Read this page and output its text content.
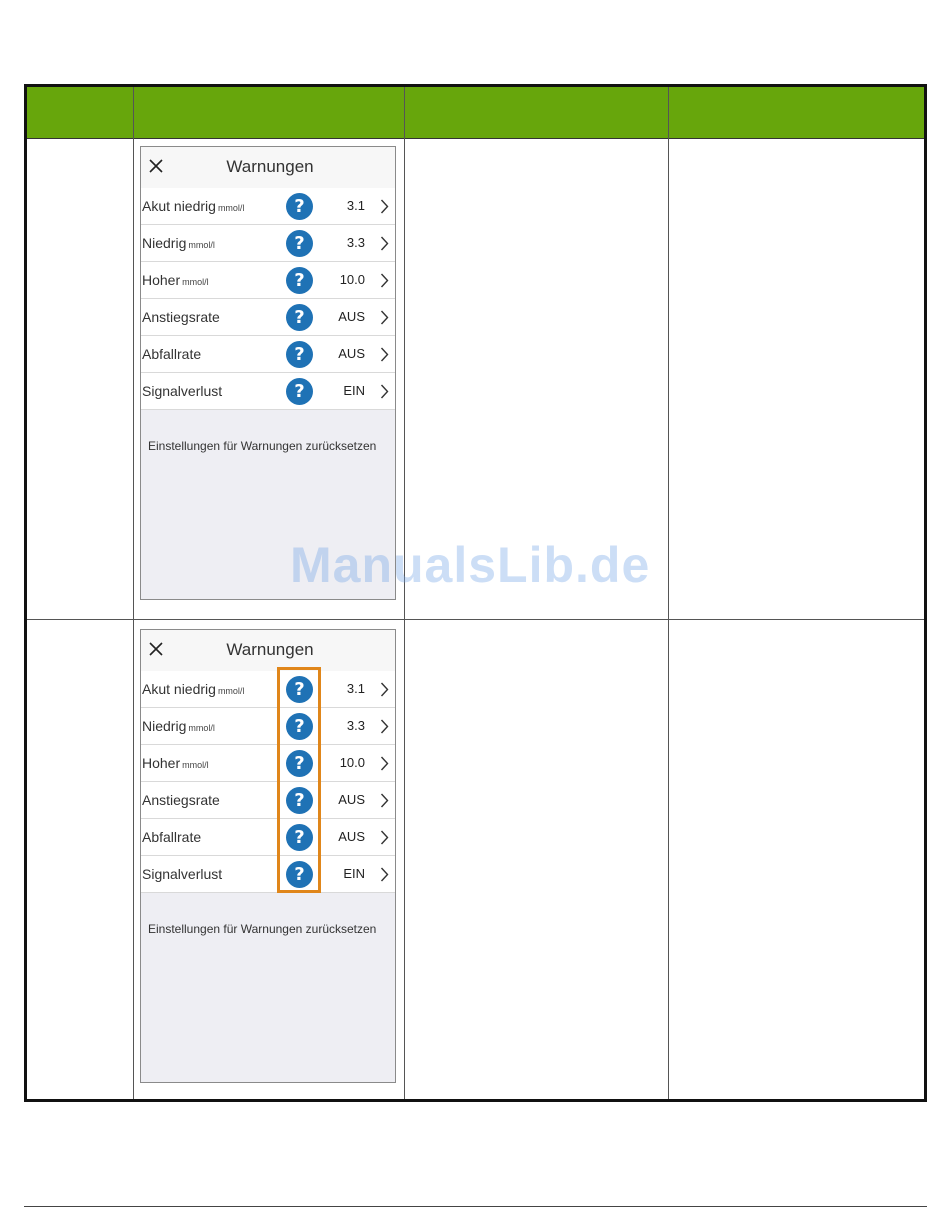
Warnungen
Akut niedrig mmol/l	?	3.1
Niedrig mmol/l	?	3.3
Hoher mmol/l	?	10.0
Anstiegsrate	?	AUS
Abfallrate	?	AUS
Signalverlust	?	EIN
Einstellungen für Warnungen zurücksetzen
Warnungen
Akut niedrig mmol/l	?	3.1
Niedrig mmol/l	?	3.3
Hoher mmol/l	?	10.0
Anstiegsrate	?	AUS
Abfallrate	?	AUS
Signalverlust	?	EIN
Einstellungen für Warnungen zurücksetzen
ManualsLib.de
